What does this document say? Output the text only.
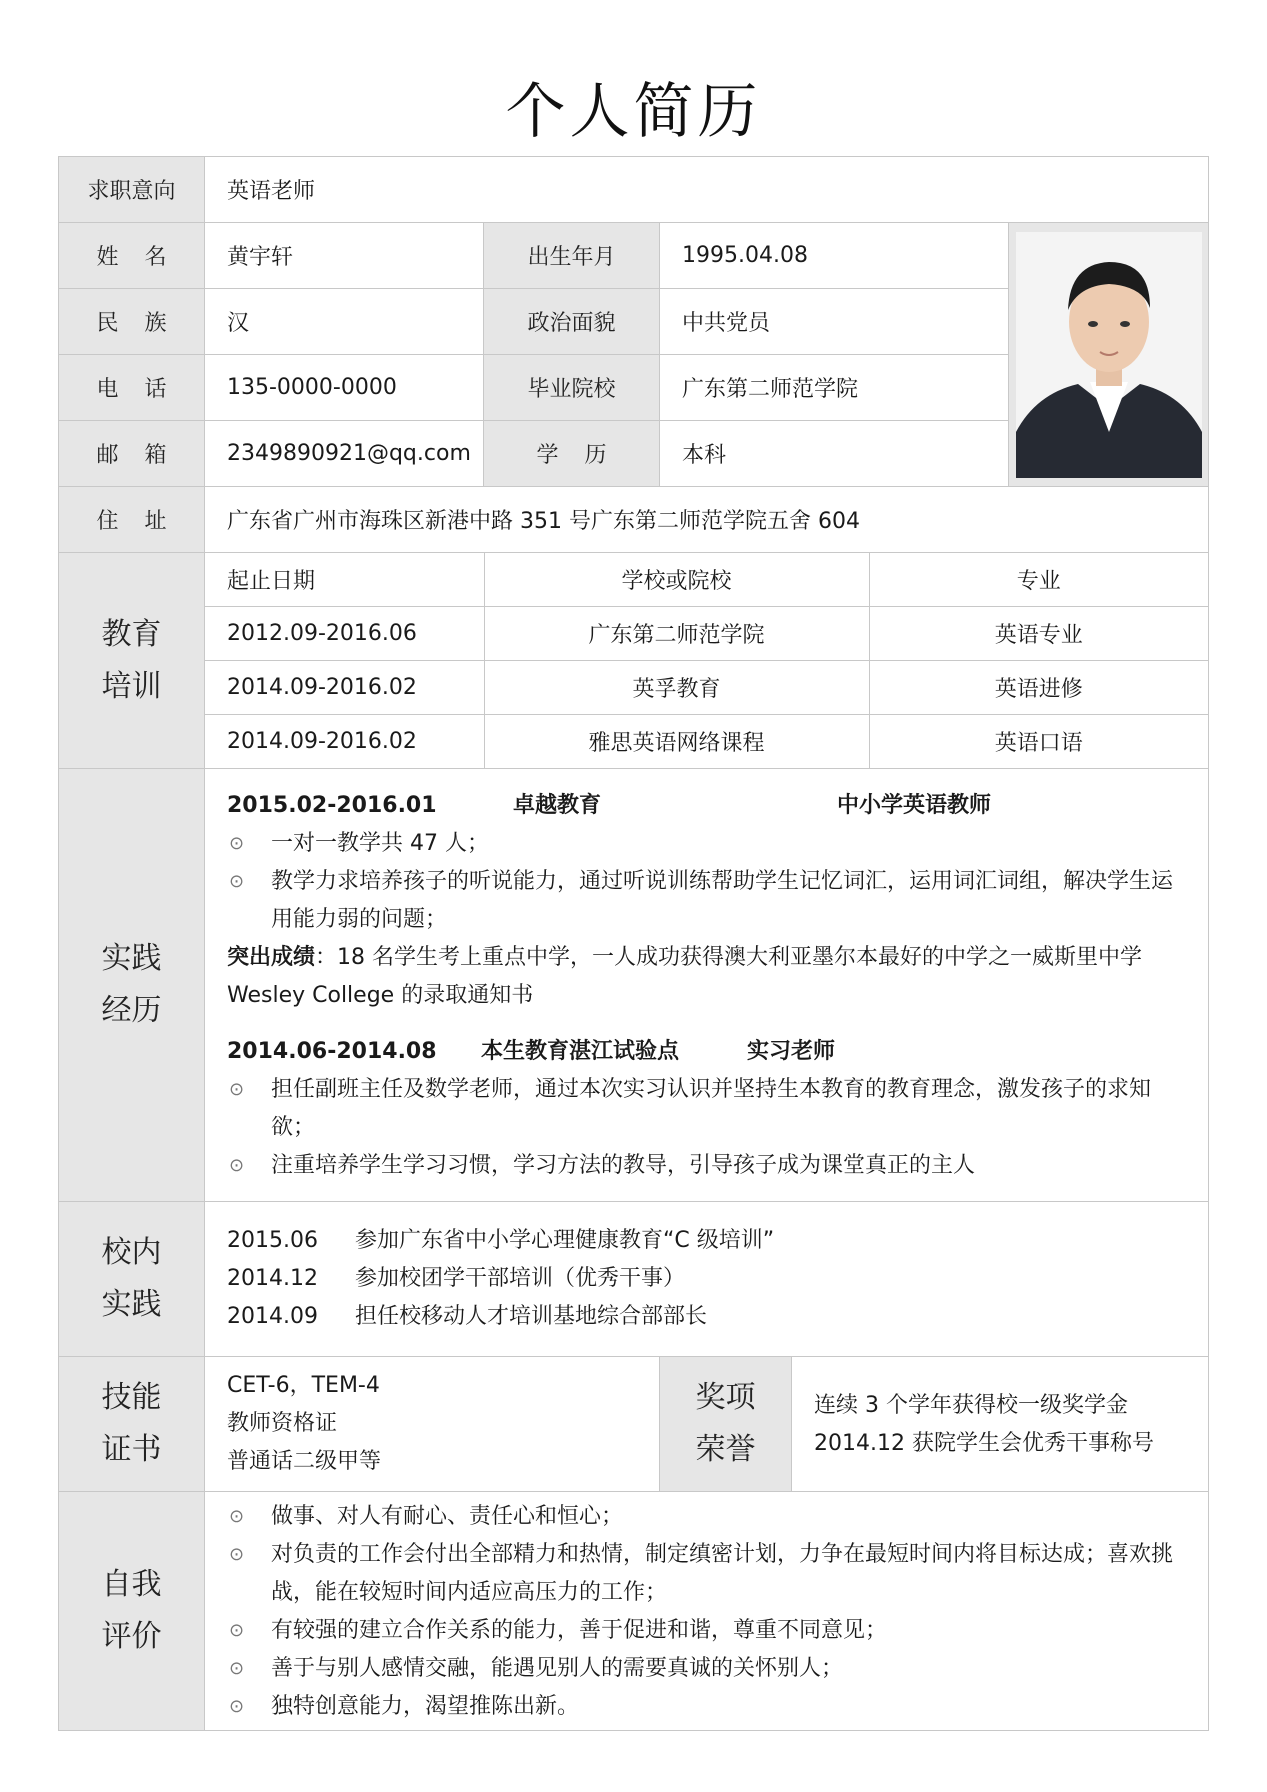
个人简历
求职意向	英语老师
姓名	黄宇轩	出生年月	1995.04.08	

民族	汉	政治面貌	中共党员
电话	135-0000-0000	毕业院校	广东第二师范学院
邮箱	2349890921@qq.com	学历	本科
住址	广东省广州市海珠区新港中路 351 号广东第二师范学院五舍 604

教育培训

起止日期	学校或院校	专业
2012.09-2016.06	广东第二师范学院	英语专业
2014.09-2016.02	英孚教育	英语进修
2014.09-2016.02	雅思英语网络课程	英语口语

实践经历

2015.02-2016.01	卓越教育	中小学英语教师
⊙ 一对一教学共 47 人；
⊙ 教学力求培养孩子的听说能力，通过听说训练帮助学生记忆词汇，运用词汇词组，解决学生运用能力弱的问题；
突出成绩：18 名学生考上重点中学，一人成功获得澳大利亚墨尔本最好的中学之一威斯里中学 Wesley College 的录取通知书
2014.06-2014.08	本生教育湛江试验点	实习老师
⊙ 担任副班主任及数学老师，通过本次实习认识并坚持生本教育的教育理念，激发孩子的求知欲；
⊙ 注重培养学生学习习惯，学习方法的教导，引导孩子成为课堂真正的主人

校内实践

2015.06	参加广东省中小学心理健康教育“C 级培训”
2014.12	参加校团学干部培训（优秀干事）
2014.09	担任校移动人才培训基地综合部部长

技能证书

CET-6，TEM-4
教师资格证
普通话二级甲等

奖项荣誉

连续 3 个学年获得校一级奖学金
2014.12 获院学生会优秀干事称号

自我评价

⊙ 做事、对人有耐心、责任心和恒心；
⊙ 对负责的工作会付出全部精力和热情，制定缜密计划，力争在最短时间内将目标达成；喜欢挑战，能在较短时间内适应高压力的工作；
⊙ 有较强的建立合作关系的能力，善于促进和谐，尊重不同意见；
⊙ 善于与别人感情交融，能遇见别人的需要真诚的关怀别人；
⊙ 独特创意能力，渴望推陈出新。
